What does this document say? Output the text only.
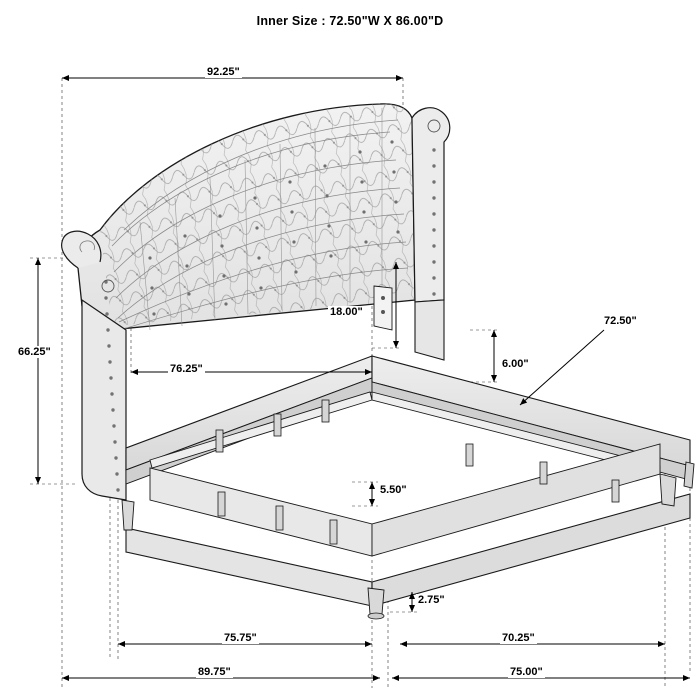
Inner Size : 72.50"W X 86.00"D
92.25"
66.25"
76.25"
18.00"
6.00"
5.50"
2.75"
72.50"
75.75"	70.25"
89.75"	75.00"
